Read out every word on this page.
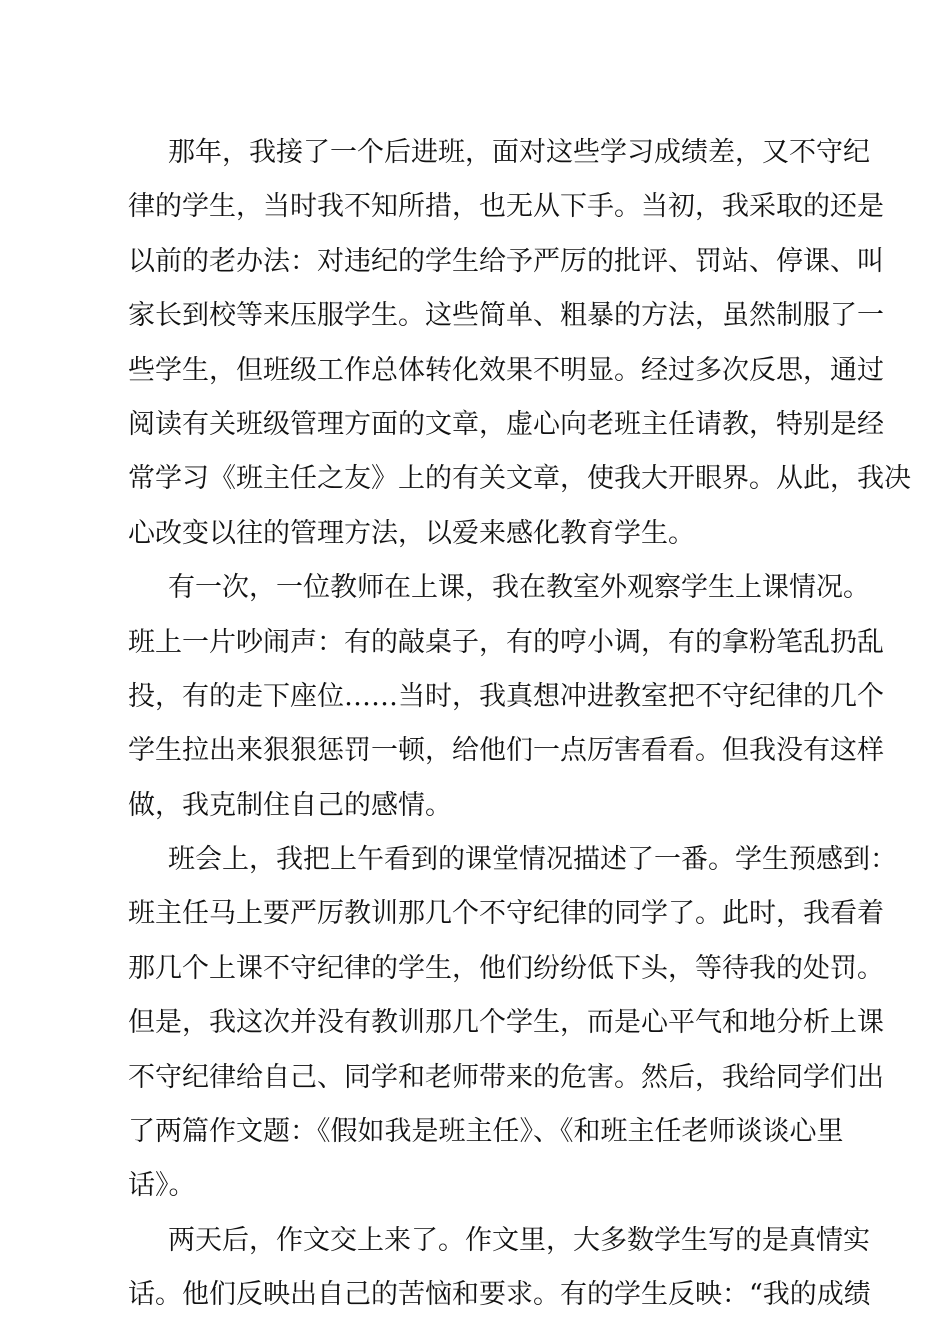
那年，我接了一个后进班，面对这些学习成绩差，又不守纪
律的学生，当时我不知所措，也无从下手。当初，我采取的还是
以前的老办法：对违纪的学生给予严厉的批评、罚站、停课、叫
家长到校等来压服学生。这些简单、粗暴的方法，虽然制服了一
些学生，但班级工作总体转化效果不明显。经过多次反思，通过
阅读有关班级管理方面的文章，虚心向老班主任请教，特别是经
常学习《班主任之友》上的有关文章，使我大开眼界。从此，我决
心改变以往的管理方法，以爱来感化教育学生。
有一次，一位教师在上课，我在教室外观察学生上课情况。
班上一片吵闹声：有的敲桌子，有的哼小调，有的拿粉笔乱扔乱
投，有的走下座位……当时，我真想冲进教室把不守纪律的几个
学生拉出来狠狠惩罚一顿，给他们一点厉害看看。但我没有这样
做，我克制住自己的感情。
班会上，我把上午看到的课堂情况描述了一番。学生预感到：
班主任马上要严厉教训那几个不守纪律的同学了。此时，我看着
那几个上课不守纪律的学生，他们纷纷低下头，等待我的处罚。
但是，我这次并没有教训那几个学生，而是心平气和地分析上课
不守纪律给自己、同学和老师带来的危害。然后，我给同学们出
了两篇作文题：《假如我是班主任》、《和班主任老师谈谈心里
话》。
两天后，作文交上来了。作文里，大多数学生写的是真情实
话。他们反映出自己的苦恼和要求。有的学生反映：“我的成绩
